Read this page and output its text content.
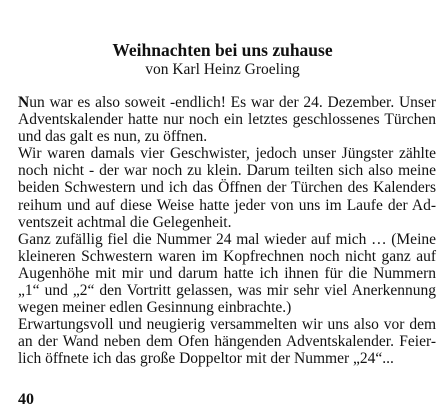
Weihnachten bei uns zuhause

von Karl Heinz Groeling

Nun war es also soweit -endlich! Es war der 24. Dezember. Unser
Adventskalender hatte nur noch ein letztes geschlossenes Türchen
und das galt es nun, zu öffnen.
Wir waren damals vier Geschwister, jedoch unser Jüngster zählte
noch nicht - der war noch zu klein. Darum teilten sich also meine
beiden Schwestern und ich das Öffnen der Türchen des Kalenders
reihum und auf diese Weise hatte jeder von uns im Laufe der Ad-
ventszeit achtmal die Gelegenheit.
Ganz zufällig fiel die Nummer 24 mal wieder auf mich … (Meine
kleineren Schwestern waren im Kopfrechnen noch nicht ganz auf
Augenhöhe mit mir und darum hatte ich ihnen für die Nummern
„1“ und „2“ den Vortritt gelassen, was mir sehr viel Anerkennung
wegen meiner edlen Gesinnung einbrachte.)
Erwartungsvoll und neugierig versammelten wir uns also vor dem
an der Wand neben dem Ofen hängenden Adventskalender. Feier-
lich öffnete ich das große Doppeltor mit der Nummer „24“...
40
